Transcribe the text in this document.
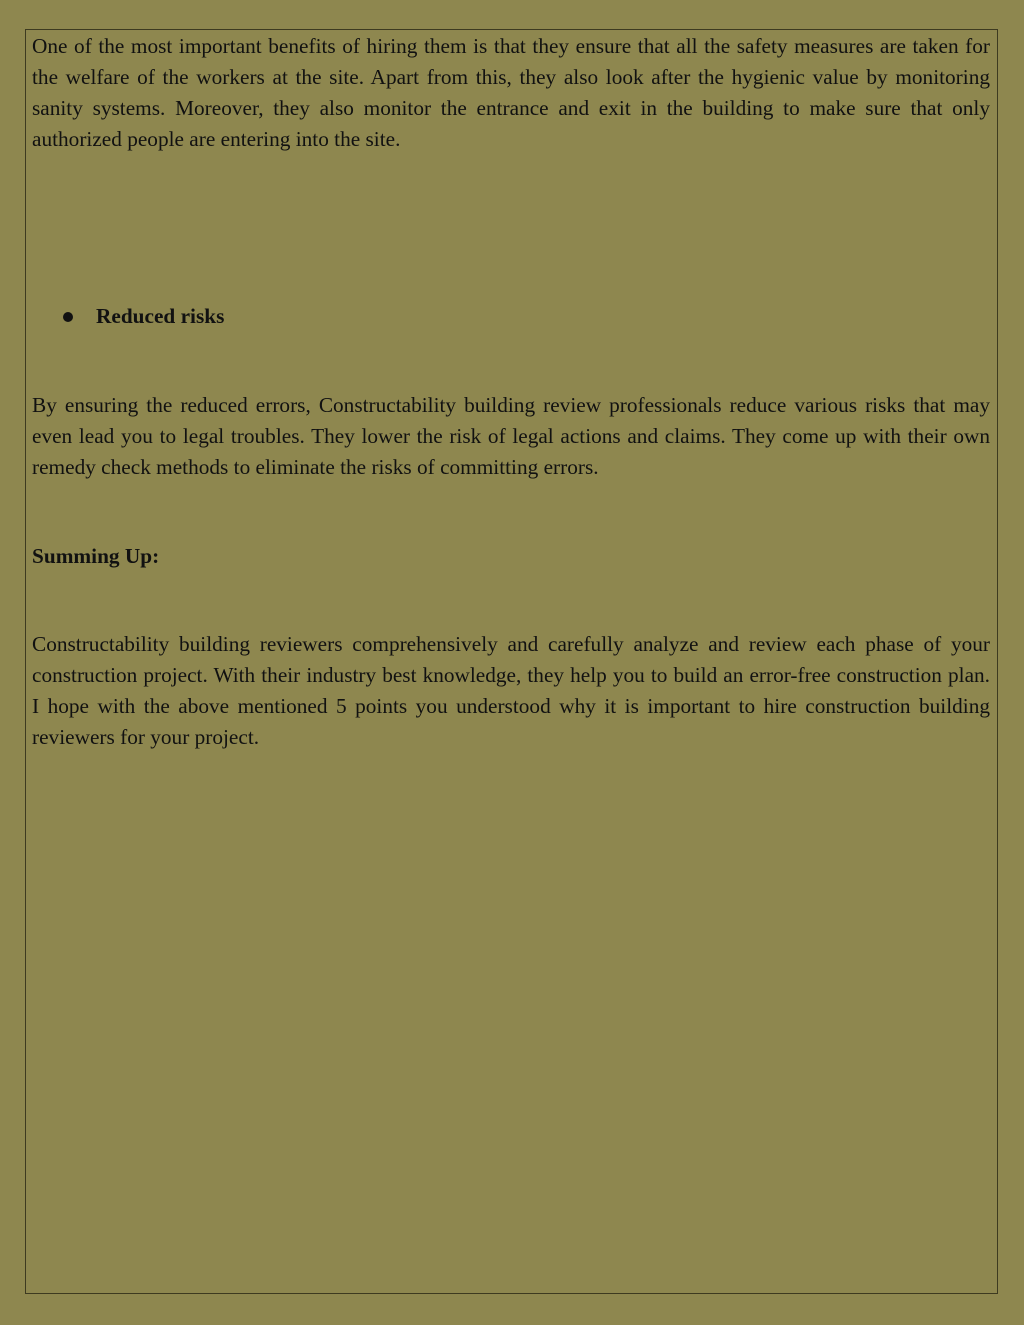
One of the most important benefits of hiring them is that they ensure that all the safety measures are taken for the welfare of the workers at the site. Apart from this, they also look after the hygienic value by monitoring sanity systems. Moreover, they also monitor the entrance and exit in the building to make sure that only authorized people are entering into the site.

Reduced risks

By ensuring the reduced errors, Constructability building review professionals reduce various risks that may even lead you to legal troubles. They lower the risk of legal actions and claims. They come up with their own remedy check methods to eliminate the risks of committing errors.

Summing Up:

Constructability building reviewers comprehensively and carefully analyze and review each phase of your construction project. With their industry best knowledge, they help you to build an error-free construction plan. I hope with the above mentioned 5 points you understood why it is important to hire construction building reviewers for your project.
